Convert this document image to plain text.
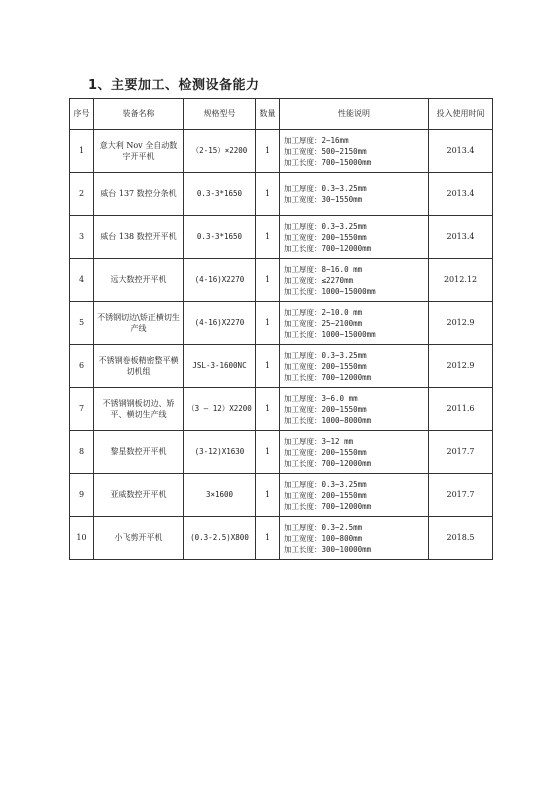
1、主要加工、检测设备能力
序号	装备名称	规格型号	数量	性能说明	投入使用时间
1	意大利 Nov 全自动数字开平机	（2-15）×2200	1	加工厚度：2~16mm
加工宽度：500~2150mm
加工长度：700~15000mm	2013.4
2	威台 137 数控分条机	0.3-3*1650	1	加工厚度：0.3~3.25mm
加工宽度：30~1550mm	2013.4
3	威台 138 数控开平机	0.3-3*1650	1	加工厚度：0.3~3.25mm
加工宽度：200~1550mm
加工长度：700~12000mm	2013.4
4	远大数控开平机	(4-16)X2270	1	加工厚度：8~16.0 mm
加工宽度：≤2270mm
加工长度：1000~15000mm	2012.12
5	不锈钢切边\矫正横切生产线	(4-16)X2270	1	加工厚度：2~10.0 mm
加工宽度：25~2100mm
加工长度：1000~15000mm	2012.9
6	不锈钢卷板精密整平横切机组	JSL-3-1600NC	1	加工厚度：0.3~3.25mm
加工宽度：200~1550mm
加工长度：700~12000mm	2012.9
7	不锈钢钢板切边、矫平、横切生产线	（3 — 12）X2200	1	加工厚度：3~6.0 mm
加工宽度：200~1550mm
加工长度：1000~8000mm	2011.6
8	黎星数控开平机	(3-12)X1630	1	加工厚度：3~12 mm
加工宽度：200~1550mm
加工长度：700~12000mm	2017.7
9	亚威数控开平机	3×1600	1	加工厚度：0.3~3.25mm
加工宽度：200~1550mm
加工长度：700~12000mm	2017.7
10	小飞剪开平机	(0.3-2.5)X800	1	加工厚度：0.3~2.5mm
加工宽度：100~800mm
加工长度：300~10000mm	2018.5
